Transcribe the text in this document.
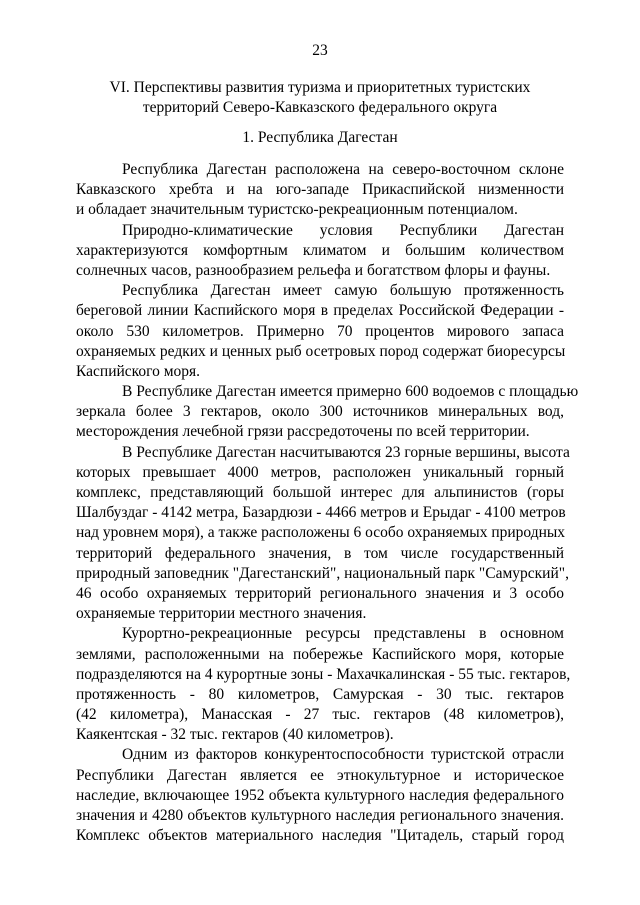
23
VI. Перспективы развития туризма и приоритетных туристских
территорий Северо-Кавказского федерального округа
1. Республика Дагестан
Республика Дагестан расположена на северо-восточном склоне
Кавказского хребта и на юго-западе Прикаспийской низменности
и обладает значительным туристско-рекреационным потенциалом.
Природно-климатические условия Республики Дагестан
характеризуются комфортным климатом и большим количеством
солнечных часов, разнообразием рельефа и богатством флоры и фауны.
Республика Дагестан имеет самую большую протяженность
береговой линии Каспийского моря в пределах Российской Федерации -
около 530 километров. Примерно 70 процентов мирового запаса
охраняемых редких и ценных рыб осетровых пород содержат биоресурсы
Каспийского моря.
В Республике Дагестан имеется примерно 600 водоемов с площадью
зеркала более 3 гектаров, около 300 источников минеральных вод,
месторождения лечебной грязи рассредоточены по всей территории.
В Республике Дагестан насчитываются 23 горные вершины, высота
которых превышает 4000 метров, расположен уникальный горный
комплекс, представляющий большой интерес для альпинистов (горы
Шалбуздаг - 4142 метра, Базардюзи - 4466 метров и Ерыдаг - 4100 метров
над уровнем моря), а также расположены 6 особо охраняемых природных
территорий федерального значения, в том числе государственный
природный заповедник "Дагестанский", национальный парк "Самурский",
46 особо охраняемых территорий регионального значения и 3 особо
охраняемые территории местного значения.
Курортно-рекреационные ресурсы представлены в основном
землями, расположенными на побережье Каспийского моря, которые
подразделяются на 4 курортные зоны - Махачкалинская - 55 тыс. гектаров,
протяженность - 80 километров, Самурская - 30 тыс. гектаров
(42 километра), Манасская - 27 тыс. гектаров (48 километров),
Каякентская - 32 тыс. гектаров (40 километров).
Одним из факторов конкурентоспособности туристской отрасли
Республики Дагестан является ее этнокультурное и историческое
наследие, включающее 1952 объекта культурного наследия федерального
значения и 4280 объектов культурного наследия регионального значения.
Комплекс объектов материального наследия "Цитадель, старый город
